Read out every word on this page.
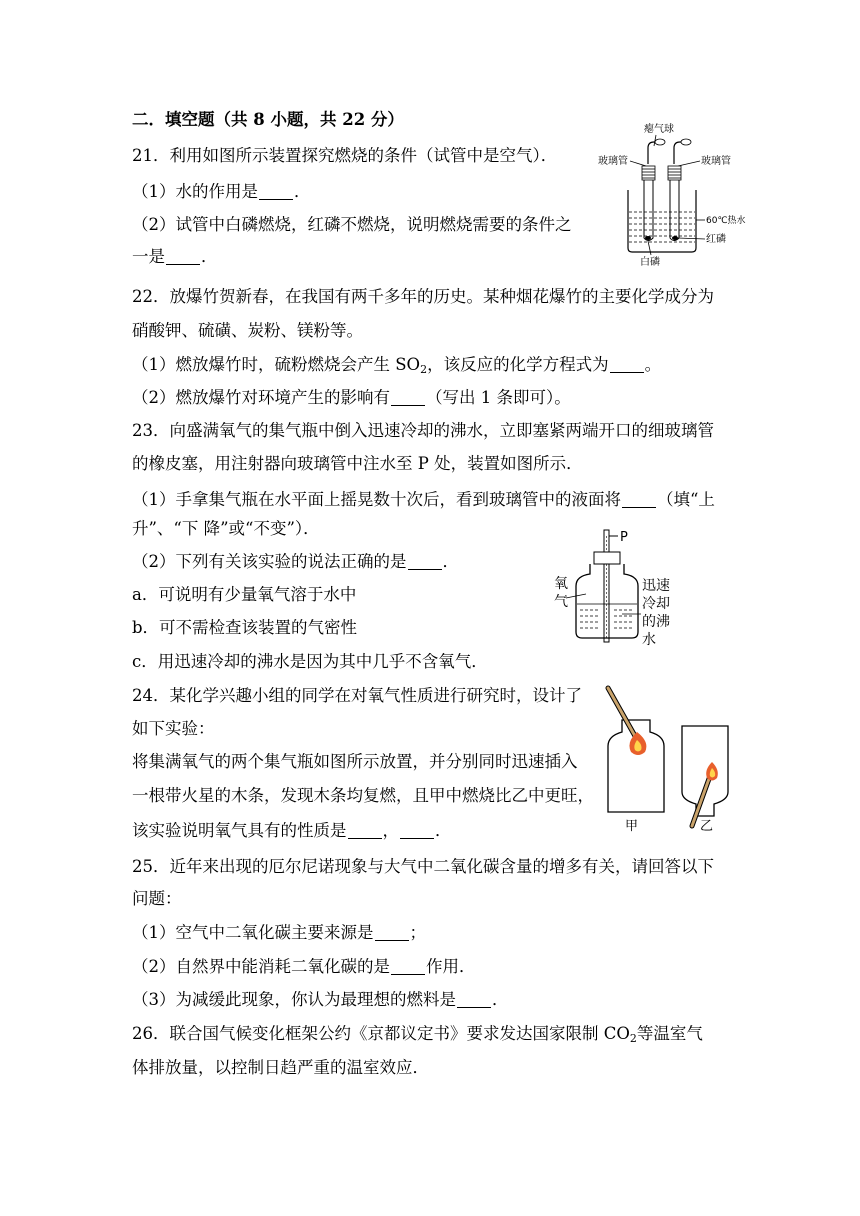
二．填空题（共 8 小题，共 22 分）
21．利用如图所示装置探究燃烧的条件（试管中是空气）．
（1）水的作用是 ．
（2）试管中白磷燃烧，红磷不燃烧，说明燃烧需要的条件之
一是 ．
瘪气球
玻璃管	玻璃管
60℃热水
红磷
白磷
22．放爆竹贺新春，在我国有两千多年的历史。某种烟花爆竹的主要化学成分为
硝酸钾、硫磺、炭粉、镁粉等。
（1）燃放爆竹时，硫粉燃烧会产生 $SO_2$，该反应的化学方程式为 。
（2）燃放爆竹对环境产生的影响有 （写出 1 条即可）。
23．向盛满氧气的集气瓶中倒入迅速冷却的沸水，立即塞紧两端开口的细玻璃管
的橡皮塞，用注射器向玻璃管中注水至 P 处，装置如图所示．
（1）手拿集气瓶在水平面上摇晃数十次后，看到玻璃管中的液面将 （填“上
升”、“下 降”或“不变”）．
（2）下列有关该实验的说法正确的是 ．
a．可说明有少量氧气溶于水中
b．可不需检查该装置的气密性
c．用迅速冷却的沸水是因为其中几乎不含氧气．
P
氧
气
迅速
冷却
的沸
水
24．某化学兴趣小组的同学在对氧气性质进行研究时，设计了
如下实验：
将集满氧气的两个集气瓶如图所示放置，并分别同时迅速插入
一根带火星的木条，发现木条均复燃，且甲中燃烧比乙中更旺，
该实验说明氧气具有的性质是 ， ．	甲	乙
25．近年来出现的厄尔尼诺现象与大气中二氧化碳含量的增多有关，请回答以下
问题：
（1）空气中二氧化碳主要来源是 ；
（2）自然界中能消耗二氧化碳的是 作用．
（3）为减缓此现象，你认为最理想的燃料是 ．
26．联合国气候变化框架公约《京都议定书》要求发达国家限制 $CO_2$等温室气
体排放量，以控制日趋严重的温室效应．
